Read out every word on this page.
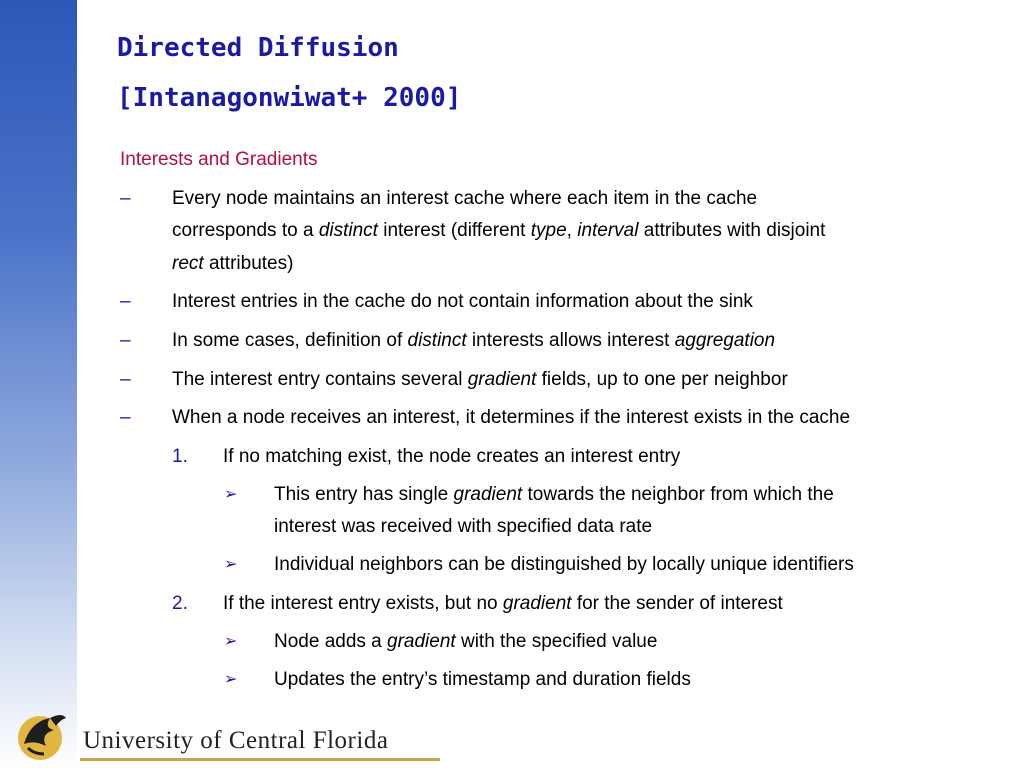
Directed Diffusion
[Intanagonwiwat+ 2000]
Interests and Gradients
– Every node maintains an interest cache where each item in the cache
corresponds to a distinct interest (different type, interval attributes with disjoint
rect attributes)
– Interest entries in the cache do not contain information about the sink
– In some cases, definition of distinct interests allows interest aggregation
– The interest entry contains several gradient fields, up to one per neighbor
– When a node receives an interest, it determines if the interest exists in the cache
1. If no matching exist, the node creates an interest entry
➢ This entry has single gradient towards the neighbor from which the
interest was received with specified data rate
➢ Individual neighbors can be distinguished by locally unique identifiers
2. If the interest entry exists, but no gradient for the sender of interest
➢ Node adds a gradient with the specified value
➢ Updates the entry’s timestamp and duration fields
University of Central Florida
